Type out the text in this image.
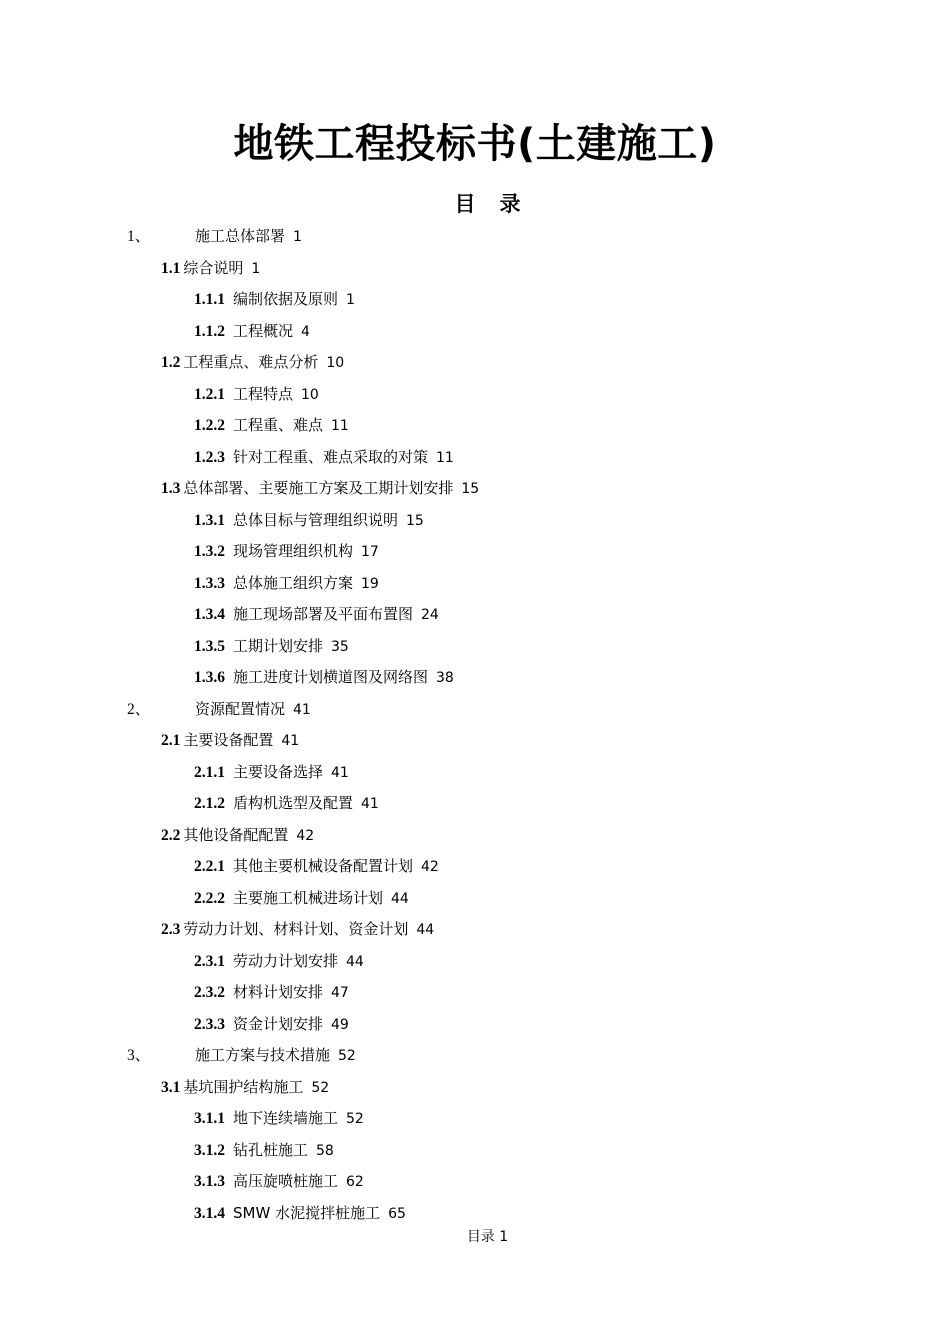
地铁工程投标书(土建施工)
目 录
1、	施工总体部署 1
1.1 综合说明 1
1.1.1 编制依据及原则 1
1.1.2 工程概况 4
1.2 工程重点、难点分析 10
1.2.1 工程特点 10
1.2.2 工程重、难点 11
1.2.3 针对工程重、难点采取的对策 11
1.3 总体部署、主要施工方案及工期计划安排 15
1.3.1 总体目标与管理组织说明 15
1.3.2 现场管理组织机构 17
1.3.3 总体施工组织方案 19
1.3.4 施工现场部署及平面布置图 24
1.3.5 工期计划安排 35
1.3.6 施工进度计划横道图及网络图 38
2、	资源配置情况 41
2.1 主要设备配置 41
2.1.1 主要设备选择 41
2.1.2 盾构机选型及配置 41
2.2 其他设备配配置 42
2.2.1 其他主要机械设备配置计划 42
2.2.2 主要施工机械进场计划 44
2.3 劳动力计划、材料计划、资金计划 44
2.3.1 劳动力计划安排 44
2.3.2 材料计划安排 47
2.3.3 资金计划安排 49
3、	施工方案与技术措施 52
3.1 基坑围护结构施工 52
3.1.1 地下连续墙施工 52
3.1.2 钻孔桩施工 58
3.1.3 高压旋喷桩施工 62
3.1.4 SMW 水泥搅拌桩施工 65
目录 1
